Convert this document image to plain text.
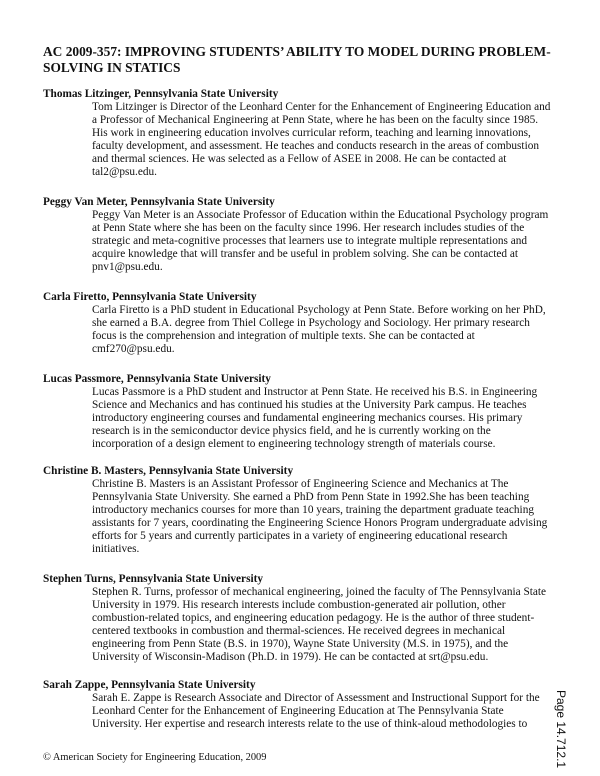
AC 2009-357: IMPROVING STUDENTS’ ABILITY TO MODEL DURING PROBLEM-SOLVING IN STATICS
Thomas Litzinger, Pennsylvania State University

Tom Litzinger is Director of the Leonhard Center for the Enhancement of Engineering Education and a Professor of Mechanical Engineering at Penn State, where he has been on the faculty since 1985. His work in engineering education involves curricular reform, teaching and learning innovations, faculty development, and assessment. He teaches and conducts research in the areas of combustion and thermal sciences. He was selected as a Fellow of ASEE in 2008. He can be contacted at tal2@psu.edu.

Peggy Van Meter, Pennsylvania State University

Peggy Van Meter is an Associate Professor of Education within the Educational Psychology program at Penn State where she has been on the faculty since 1996. Her research includes studies of the strategic and meta-cognitive processes that learners use to integrate multiple representations and acquire knowledge that will transfer and be useful in problem solving. She can be contacted at pnv1@psu.edu.

Carla Firetto, Pennsylvania State University

Carla Firetto is a PhD student in Educational Psychology at Penn State. Before working on her PhD, she earned a B.A. degree from Thiel College in Psychology and Sociology. Her primary research focus is the comprehension and integration of multiple texts. She can be contacted at cmf270@psu.edu.

Lucas Passmore, Pennsylvania State University

Lucas Passmore is a PhD student and Instructor at Penn State. He received his B.S. in Engineering Science and Mechanics and has continued his studies at the University Park campus. He teaches introductory engineering courses and fundamental engineering mechanics courses. His primary research is in the semiconductor device physics field, and he is currently working on the incorporation of a design element to engineering technology strength of materials course.

Christine B. Masters, Pennsylvania State University

Christine B. Masters is an Assistant Professor of Engineering Science and Mechanics at The Pennsylvania State University. She earned a PhD from Penn State in 1992.She has been teaching introductory mechanics courses for more than 10 years, training the department graduate teaching assistants for 7 years, coordinating the Engineering Science Honors Program undergraduate advising efforts for 5 years and currently participates in a variety of engineering educational research initiatives.

Stephen Turns, Pennsylvania State University

Stephen R. Turns, professor of mechanical engineering, joined the faculty of The Pennsylvania State University in 1979. His research interests include combustion-generated air pollution, other combustion-related topics, and engineering education pedagogy. He is the author of three student-centered textbooks in combustion and thermal-sciences. He received degrees in mechanical engineering from Penn State (B.S. in 1970), Wayne State University (M.S. in 1975), and the University of Wisconsin-Madison (Ph.D. in 1979). He can be contacted at srt@psu.edu.

Sarah Zappe, Pennsylvania State University

Sarah E. Zappe is Research Associate and Director of Assessment and Instructional Support for the Leonhard Center for the Enhancement of Engineering Education at The Pennsylvania State University. Her expertise and research interests relate to the use of think-aloud methodologies to

© American Society for Engineering Education, 2009	Page 14.712.1
